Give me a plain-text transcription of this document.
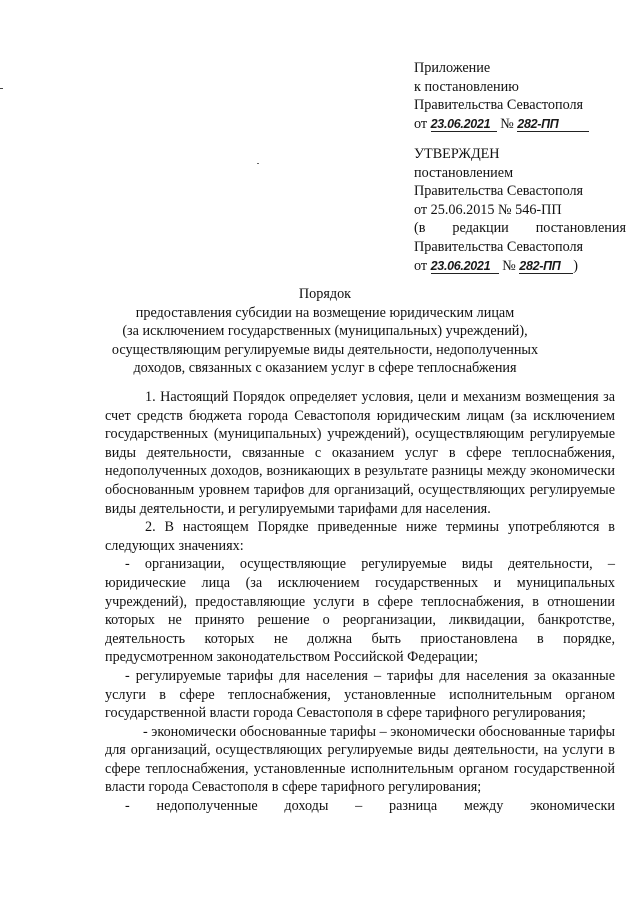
Приложение
к постановлению
Правительства Севастополя
от 23.06.2021 № 282-ПП
УТВЕРЖДЕН
постановлением
Правительства Севастополя
от 25.06.2015 № 546-ПП
(в редакции постановления
Правительства Севастополя
от 23.06.2021 № 282-ПП )
Порядок
предоставления субсидии на возмещение юридическим лицам
(за исключением государственных (муниципальных) учреждений),
осуществляющим регулируемые виды деятельности, недополученных
доходов, связанных с оказанием услуг в сфере теплоснабжения

1. Настоящий Порядок определяет условия, цели и механизм возмещения за счет средств бюджета города Севастополя юридическим лицам (за исключением государственных (муниципальных) учреждений), осуществляющим регулируемые виды деятельности, связанные с оказанием услуг в сфере теплоснабжения, недополученных доходов, возникающих в результате разницы между экономически обоснованным уровнем тарифов для организаций, осуществляющих регулируемые виды деятельности, и регулируемыми тарифами для населения.

2. В настоящем Порядке приведенные ниже термины употребляются в следующих значениях:

- организации, осуществляющие регулируемые виды деятельности, – юридические лица (за исключением государственных и муниципальных учреждений), предоставляющие услуги в сфере теплоснабжения, в отношении которых не принято решение о реорганизации, ликвидации, банкротстве, деятельность которых не должна быть приостановлена в порядке, предусмотренном законодательством Российской Федерации;

- регулируемые тарифы для населения – тарифы для населения за оказанные услуги в сфере теплоснабжения, установленные исполнительным органом государственной власти города Севастополя в сфере тарифного регулирования;

- экономически обоснованные тарифы – экономически обоснованные тарифы для организаций, осуществляющих регулируемые виды деятельности, на услуги в сфере теплоснабжения, установленные исполнительным органом государственной власти города Севастополя в сфере тарифного регулирования;

- недополученные доходы – разница между экономически
